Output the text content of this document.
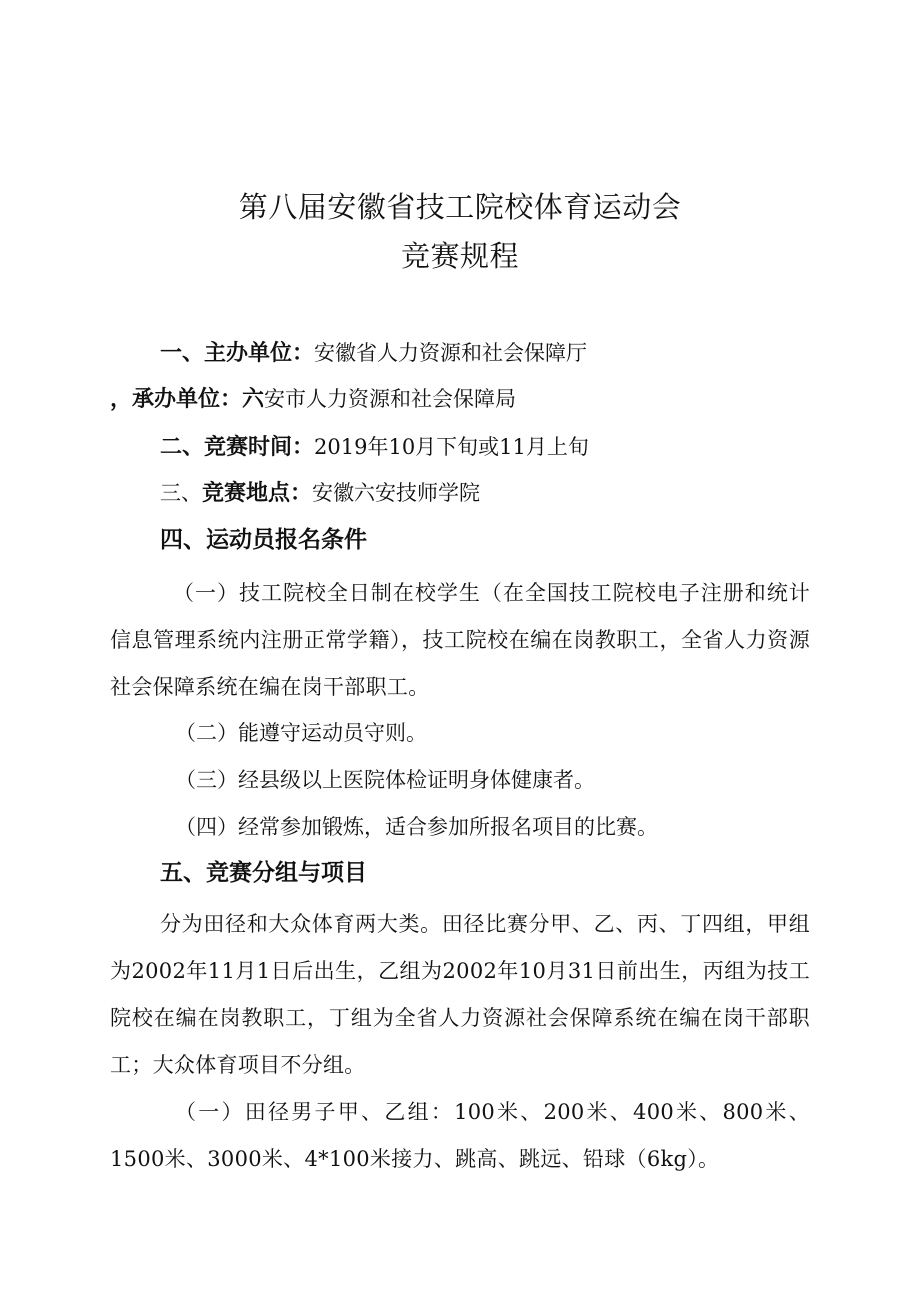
第八届安徽省技工院校体育运动会
竞赛规程
一、主办单位：安徽省人力资源和社会保障厅
，承办单位：六安市人力资源和社会保障局
二、竞赛时间：2019年10月下旬或11月上旬
三、竞赛地点：安徽六安技师学院
四、运动员报名条件

（一）技工院校全日制在校学生（在全国技工院校电子注册和统计信息管理系统内注册正常学籍），技工院校在编在岗教职工，全省人力资源社会保障系统在编在岗干部职工。

（二）能遵守运动员守则。
（三）经县级以上医院体检证明身体健康者。
（四）经常参加锻炼，适合参加所报名项目的比赛。
五、竞赛分组与项目

分为田径和大众体育两大类。田径比赛分甲、乙、丙、丁四组，甲组为2002年11月1日后出生，乙组为2002年10月31日前出生，丙组为技工院校在编在岗教职工，丁组为全省人力资源社会保障系统在编在岗干部职工；大众体育项目不分组。

（一）田径男子甲、乙组：100米、200米、400米、800米、1500米、3000米、4*100米接力、跳高、跳远、铅球（6kg）。
